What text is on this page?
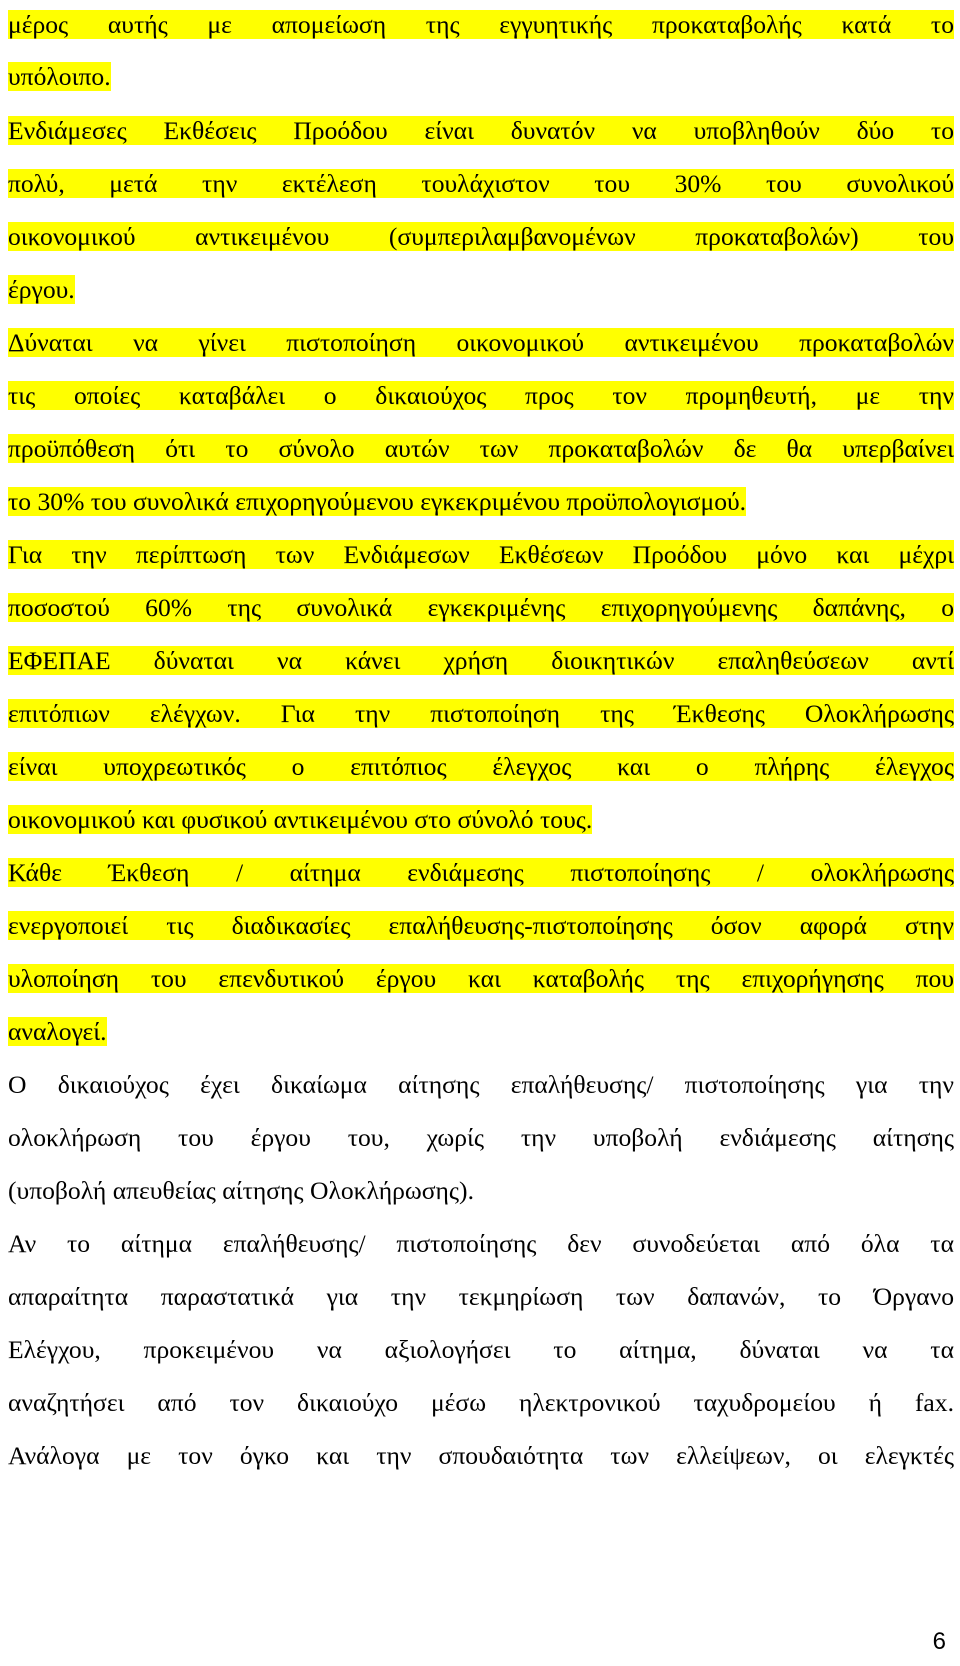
μέρος αυτής με απομείωση της εγγυητικής προκαταβολής κατά το
υπόλοιπο.
Ενδιάμεσες Εκθέσεις Προόδου είναι δυνατόν να υποβληθούν δύο το
πολύ, μετά την εκτέλεση τουλάχιστον του 30% του συνολικού
οικονομικού αντικειμένου (συμπεριλαμβανομένων προκαταβολών) του
έργου.
Δύναται να γίνει πιστοποίηση οικονομικού αντικειμένου προκαταβολών
τις οποίες καταβάλει ο δικαιούχος προς τον προμηθευτή, με την
προϋπόθεση ότι το σύνολο αυτών των προκαταβολών δε θα υπερβαίνει
το 30% του συνολικά επιχορηγούμενου εγκεκριμένου προϋπολογισμού.
Για την περίπτωση των Ενδιάμεσων Εκθέσεων Προόδου μόνο και μέχρι
ποσοστού 60% της συνολικά εγκεκριμένης επιχορηγούμενης δαπάνης, ο
ΕΦΕΠΑΕ δύναται να κάνει χρήση διοικητικών επαληθεύσεων αντί
επιτόπιων ελέγχων. Για την πιστοποίηση της Έκθεσης Ολοκλήρωσης
είναι υποχρεωτικός ο επιτόπιος έλεγχος και ο πλήρης έλεγχος
οικονομικού και φυσικού αντικειμένου στο σύνολό τους.
Κάθε Έκθεση / αίτημα ενδιάμεσης πιστοποίησης / ολοκλήρωσης
ενεργοποιεί τις διαδικασίες επαλήθευσης-πιστοποίησης όσον αφορά στην
υλοποίηση του επενδυτικού έργου και καταβολής της επιχορήγησης που
αναλογεί.
Ο δικαιούχος έχει δικαίωμα αίτησης επαλήθευσης/ πιστοποίησης για την
ολοκλήρωση του έργου του, χωρίς την υποβολή ενδιάμεσης αίτησης
(υποβολή απευθείας αίτησης Ολοκλήρωσης).
Αν το αίτημα επαλήθευσης/ πιστοποίησης δεν συνοδεύεται από όλα τα
απαραίτητα παραστατικά για την τεκμηρίωση των δαπανών, το Όργανο
Ελέγχου, προκειμένου να αξιολογήσει το αίτημα, δύναται να τα
αναζητήσει από τον δικαιούχο μέσω ηλεκτρονικού ταχυδρομείου ή fax.
Ανάλογα με τον όγκο και την σπουδαιότητα των ελλείψεων, οι ελεγκτές
6
